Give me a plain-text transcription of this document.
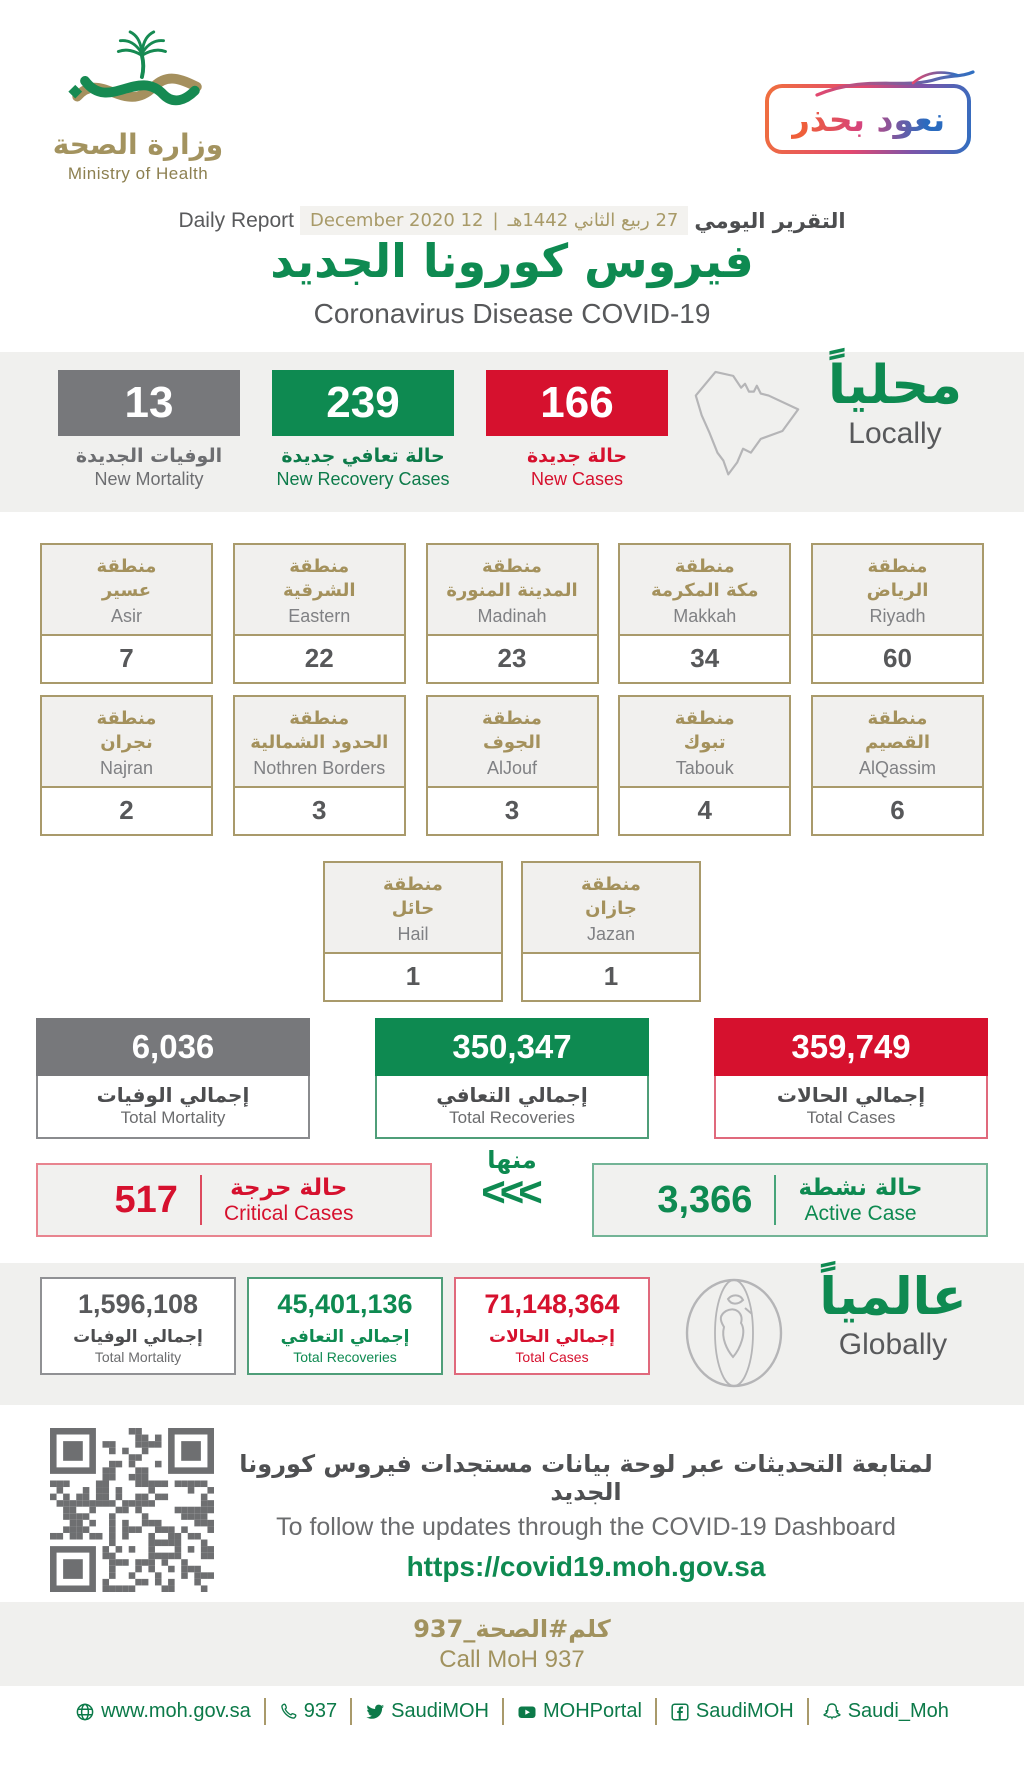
وزارة الصحة
Ministry of Health
نعود بحذر
Daily Report	27 ربيع الثاني 1442هـ
|
12 December 2020	التقرير اليومي
فيروس كورونا الجديد
Coronavirus Disease COVID-19
13
الوفيات الجديدة
New Mortality
239
حالة تعافي جديدة
New Recovery Cases
166
حالة جديدة
New Cases
محلياً
Locally
منطقة
عسير
Asir
7
منطقة
الشرقية
Eastern
22
منطقة
المدينة المنورة
Madinah
23
منطقة
مكة المكرمة
Makkah
34
منطقة
الرياض
Riyadh
60
منطقة
نجران
Najran
2
منطقة
الحدود الشمالية
Nothren Borders
3
منطقة
الجوف
AlJouf
3
منطقة
تبوك
Tabouk
4
منطقة
القصيم
AlQassim
6
منطقة
حائل
Hail
1
منطقة
جازان
Jazan
1
6,036
إجمالي الوفيات
Total Mortality
350,347
إجمالي التعافي
Total Recoveries
359,749
إجمالي الحالات
Total Cases
517 حالة حرجة
Critical Cases
منها
<<<	3,366 حالة نشطة
Active Case
1,596,108
إجمالي الوفيات
Total Mortality
45,401,136
إجمالي التعافي
Total Recoveries
71,148,364
إجمالي الحالات
Total Cases
عالمياً
Globally
لمتابعة التحديثات عبر لوحة بيانات مستجدات فيروس كورونا الجديد
To follow the updates through the COVID-19 Dashboard
https://covid19.moh.gov.sa
كلم#الصحة_937
Call MoH 937
www.moh.gov.sa	937	SaudiMOH	MOHPortal	SaudiMOH	Saudi_Moh
